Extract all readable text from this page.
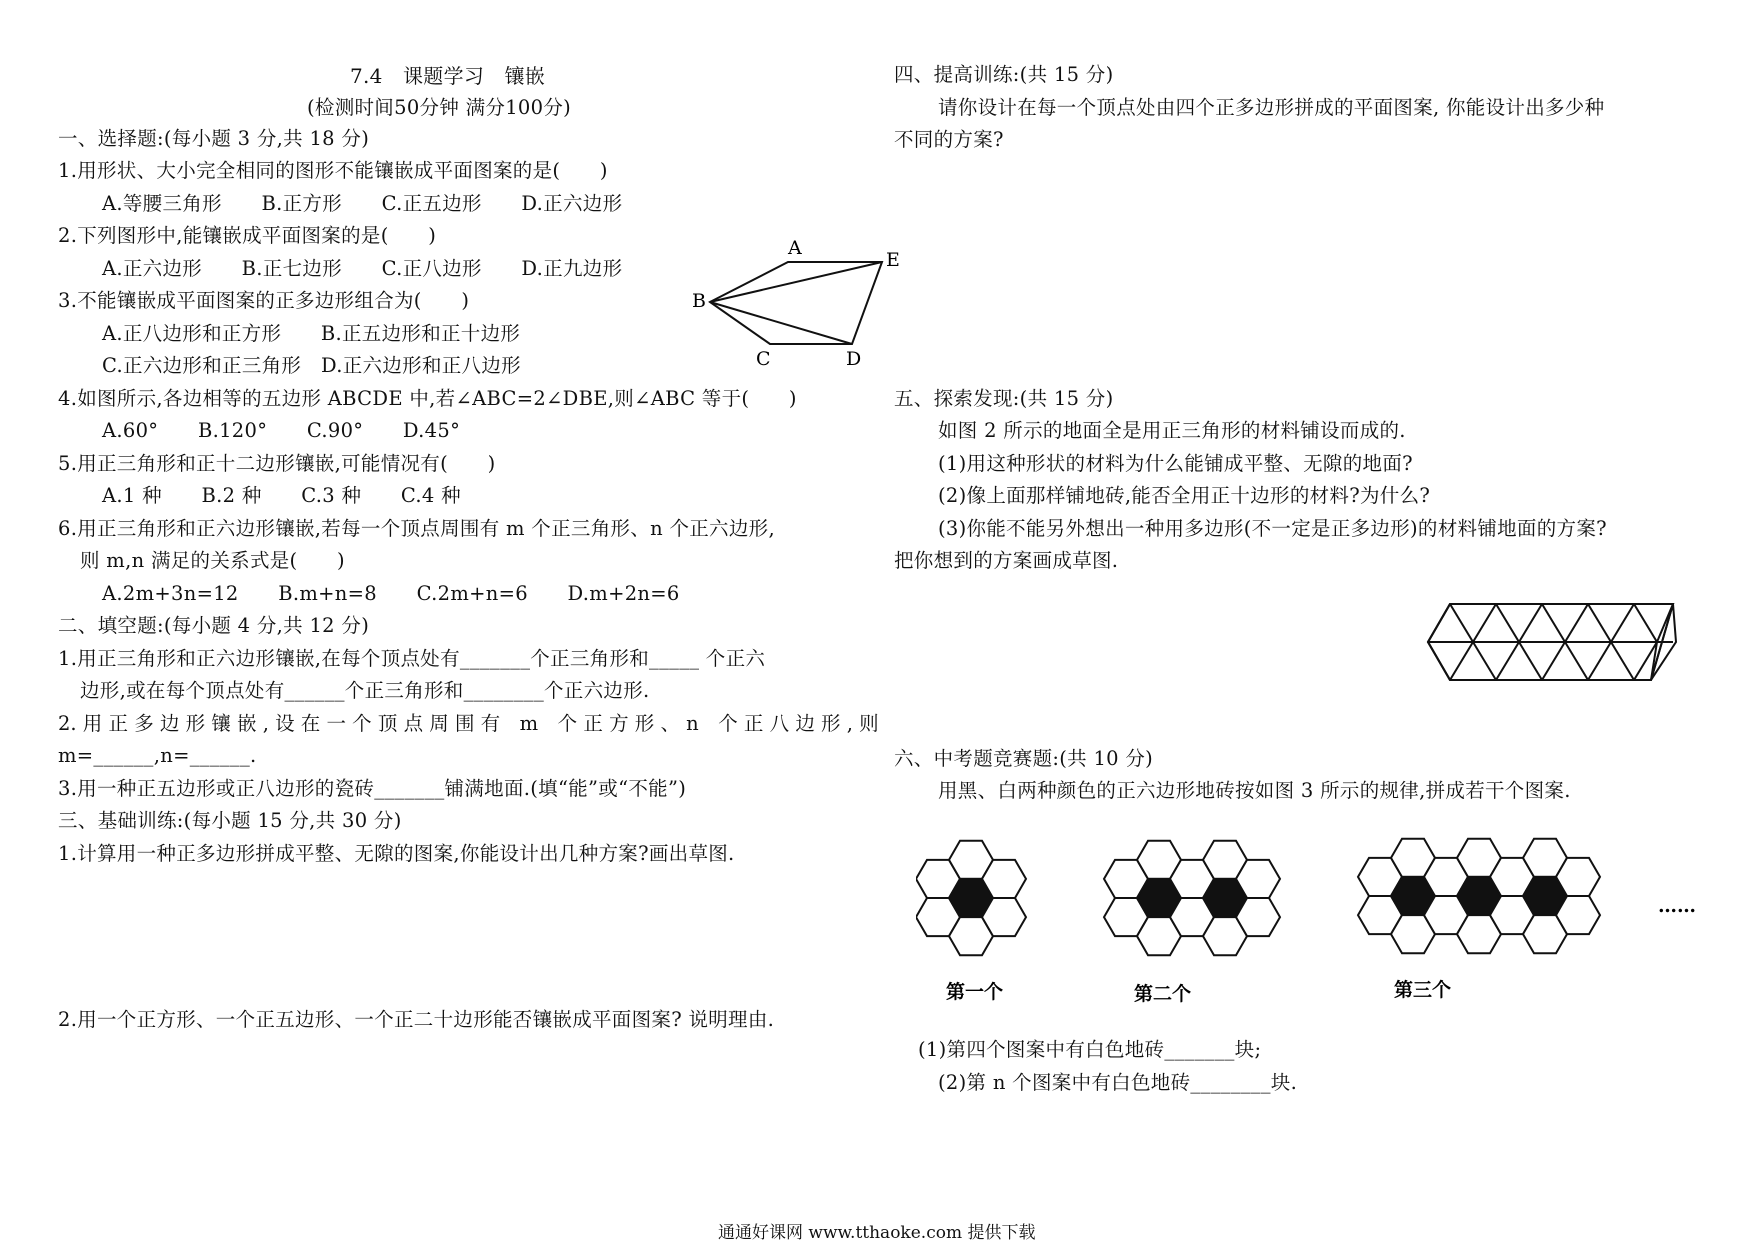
7.4　课题学习　镶嵌
(检测时间50分钟 满分100分)
一、选择题:(每小题 3 分,共 18 分)
1.用形状、大小完全相同的图形不能镶嵌成平面图案的是(　　)
A.等腰三角形　　B.正方形　　C.正五边形　　D.正六边形
2.下列图形中,能镶嵌成平面图案的是(　　)
A.正六边形　　B.正七边形　　C.正八边形　　D.正九边形
3.不能镶嵌成平面图案的正多边形组合为(　　)
A.正八边形和正方形　　B.正五边形和正十边形
C.正六边形和正三角形　D.正六边形和正八边形
4.如图所示,各边相等的五边形 ABCDE 中,若∠ABC=2∠DBE,则∠ABC 等于(　　)
A.60°　　B.120°　　C.90°　　D.45°
5.用正三角形和正十二边形镶嵌,可能情况有(　　)
A.1 种　　B.2 种　　C.3 种　　C.4 种
6.用正三角形和正六边形镶嵌,若每一个顶点周围有 m 个正三角形、n 个正六边形,
则 m,n 满足的关系式是(　　)
A.2m+3n=12　　B.m+n=8　　C.2m+n=6　　D.m+2n=6
二、填空题:(每小题 4 分,共 12 分)
1.用正三角形和正六边形镶嵌,在每个顶点处有_______个正三角形和_____ 个正六
边形,或在每个顶点处有______个正三角形和________个正六边形.
2. 用 正 多 边 形 镶 嵌 , 设 在 一 个 顶 点 周 围 有　m　个 正 方 形 、 n　个 正 八 边 形 , 则
m=______,n=______.
3.用一种正五边形或正八边形的瓷砖_______铺满地面.(填“能”或“不能”)
三、基础训练:(每小题 15 分,共 30 分)
1.计算用一种正多边形拼成平整、无隙的图案,你能设计出几种方案?画出草图.
2.用一个正方形、一个正五边形、一个正二十边形能否镶嵌成平面图案? 说明理由.
A
E
B
C	D
四、提高训练:(共 15 分)
请你设计在每一个顶点处由四个正多边形拼成的平面图案, 你能设计出多少种
不同的方案?
五、探索发现:(共 15 分)
如图 2 所示的地面全是用正三角形的材料铺设而成的.
(1)用这种形状的材料为什么能铺成平整、无隙的地面?
(2)像上面那样铺地砖,能否全用正十边形的材料?为什么?
(3)你能不能另外想出一种用多边形(不一定是正多边形)的材料铺地面的方案?
把你想到的方案画成草图.
六、中考题竞赛题:(共 10 分)
用黑、白两种颜色的正六边形地砖按如图 3 所示的规律,拼成若干个图案.
第一个	第二个	第三个
……
(1)第四个图案中有白色地砖_______块;
(2)第 n 个图案中有白色地砖________块.
通通好课网 www.tthaoke.com 提供下载
